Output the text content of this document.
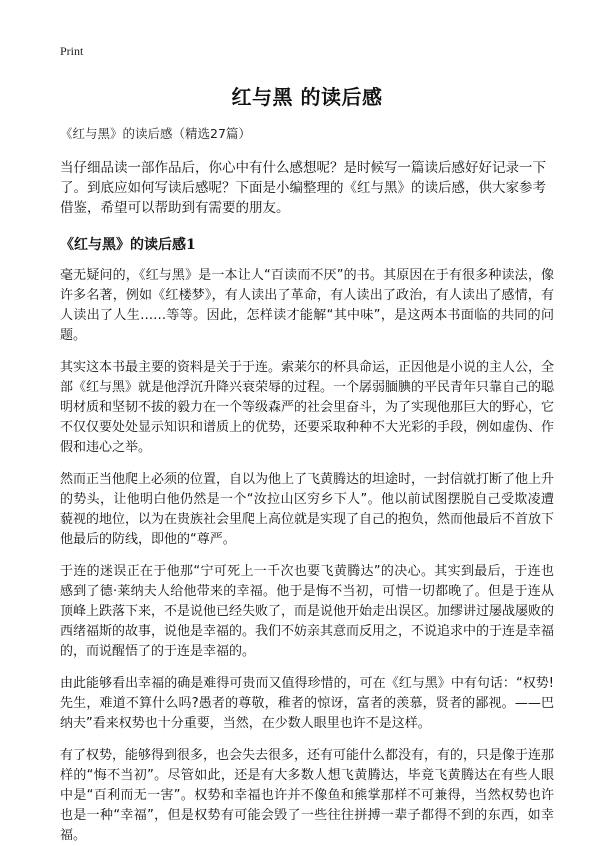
Print
红与黑 的读后感
《红与黑》的读后感（精选27篇）
当仔细品读一部作品后，你心中有什么感想呢？是时候写一篇读后感好好记录一下了。到底应如何写读后感呢？下面是小编整理的《红与黑》的读后感，供大家参考借鉴，希望可以帮助到有需要的朋友。
《红与黑》的读后感1
毫无疑问的，《红与黑》是一本让人“百读而不厌”的书。其原因在于有很多种读法，像许多名著，例如《红楼梦》，有人读出了革命，有人读出了政治，有人读出了感情，有人读出了人生……等等。因此，怎样读才能解“其中味”，是这两本书面临的共同的问题。
其实这本书最主要的资料是关于于连。索莱尔的杯具命运，正因他是小说的主人公，全部《红与黑》就是他浮沉升降兴衰荣辱的过程。一个孱弱腼腆的平民青年只靠自己的聪明材质和坚韧不拔的毅力在一个等级森严的社会里奋斗，为了实现他那巨大的野心，它不仅仅要处处显示知识和谱质上的优势，还要采取种种不大光彩的手段，例如虚伪、作假和违心之举。
然而正当他爬上必须的位置，自以为他上了飞黄腾达的坦途时，一封信就打断了他上升的势头，让他明白他仍然是一个“汝拉山区穷乡下人”。他以前试图摆脱自己受欺凌遭藐视的地位，以为在贵族社会里爬上高位就是实现了自己的抱负，然而他最后不首放下他最后的防线，即他的“尊严。
于连的迷误正在于他那“宁可死上一千次也要飞黄腾达”的决心。其实到最后，于连也感到了德·莱纳夫人给他带来的幸福。他于是悔不当初，可惜一切都晚了。但是于连从顶峰上跌落下来，不是说他已经失败了，而是说他开始走出误区。加缪讲过屡战屡败的西绪福斯的故事，说他是幸福的。我们不妨亲其意而反用之，不说追求中的于连是幸福的，而说醒悟了的于连是幸福的。
由此能够看出幸福的确是难得可贵而又值得珍惜的，可在《红与黑》中有句话：“权势!先生，难道不算什么吗?愚者的尊敬，稚者的惊讶，富者的羡慕，贤者的鄙视。——巴纳夫”看来权势也十分重要，当然，在少数人眼里也许不是这样。
有了权势，能够得到很多，也会失去很多，还有可能什么都没有，有的，只是像于连那样的“悔不当初”。尽管如此，还是有大多数人想飞黄腾达，毕竟飞黄腾达在有些人眼中是“百利而无一害”。权势和幸福也许并不像鱼和熊掌那样不可兼得，当然权势也许也是一种“幸福”，但是权势有可能会毁了一些往往拼搏一辈子都得不到的东西，如幸福。
